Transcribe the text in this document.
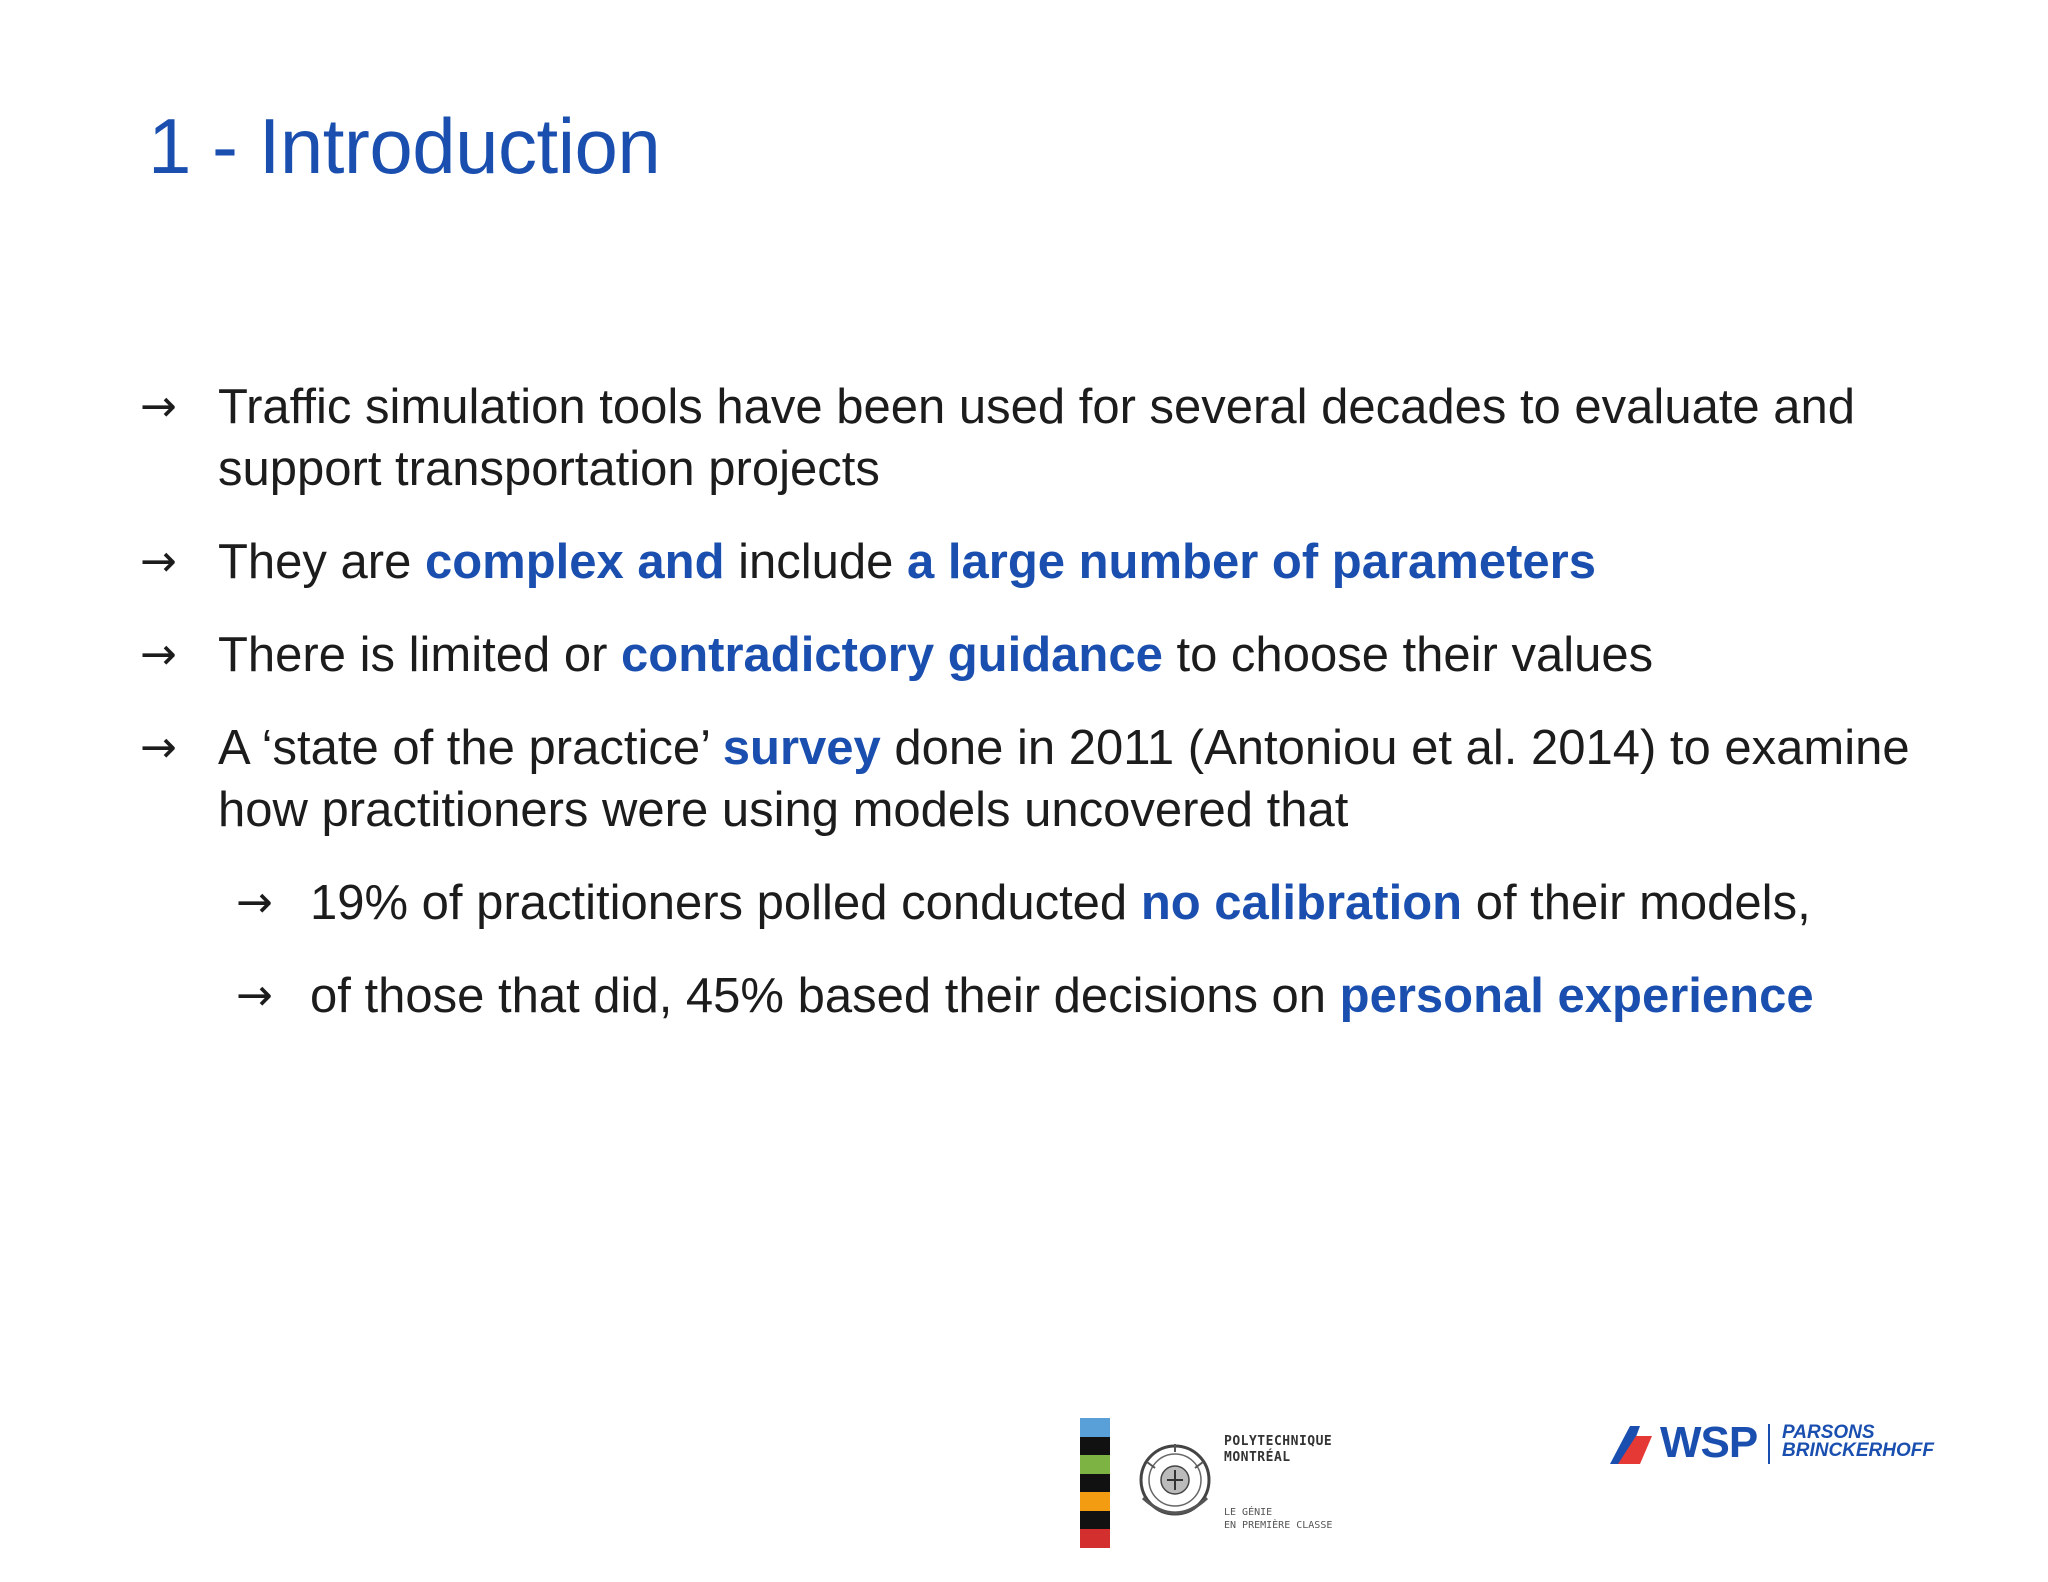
1 - Introduction
→ Traffic simulation tools have been used for several decades to evaluate and support transportation projects
→ They are complex and include a large number of parameters
→ There is limited or contradictory guidance to choose their values
→ A ‘state of the practice’ survey done in 2011 (Antoniou et al. 2014) to examine how practitioners were using models uncovered that
→ 19% of practitioners polled conducted no calibration of their models,
→ of those that did, 45% based their decisions on personal experience
POLYTECHNIQUE
MONTRÉAL
LE GÉNIE
EN PREMIÈRE CLASSE
WSP PARSONS
BRINCKERHOFF
